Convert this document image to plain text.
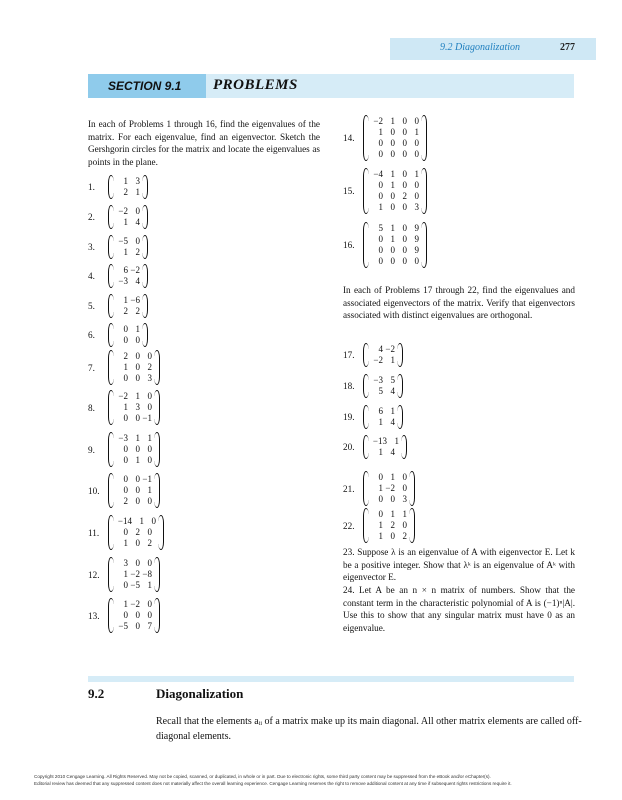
9.2 Diagonalization	277
SECTION 9.1 PROBLEMS
In each of Problems 1 through 16, find the eigenvalues of the matrix. For each eigenvalue, find an eigenvector. Sketch the Gershgorin circles for the matrix and locate the eigenvalues as points in the plane.
In each of Problems 17 through 22, find the eigenvalues and associated eigenvectors of the matrix. Verify that eigenvectors associated with distinct eigenvalues are orthogonal.
1.
1 3
2 1
2.
−2 0
1 4
3.
−5 0
1 2
4.
6 −2
−3 4
5.
1 −6
2 2
6.
0 1
0 0
7.
2 0 0
1 0 2
0 0 3
8.
−2 1 0
1 3 0
0 0 −1
9.
−3 1 1
0 0 0
0 1 0
10.
0 0 −1
0 0 1
2 0 0
11.
−14 1 0
0 2 0
1 0 2
12.
3 0 0
1 −2 −8
0 −5 1
13.
1 −2 0
0 0 0
−5 0 7
14.
−2 1 0 0
1 0 0 1
0 0 0 0
0 0 0 0
15.
−4 1 0 1
0 1 0 0
0 0 2 0
1 0 0 3
16.
5 1 0 9
0 1 0 9
0 0 0 9
0 0 0 0
17.
4 −2
−2 1
18.
−3 5
5 4
19.
6 1
1 4
20.
−13 1
1 4
21.
0 1 0
1 −2 0
0 0 3
22.
0 1 1
1 2 0
1 0 2
23. Suppose λ is an eigenvalue of A with eigenvector E. Let k be a positive integer. Show that λᵏ is an eigenvalue of Aᵏ with eigenvector E.
24. Let A be an n × n matrix of numbers. Show that the constant term in the characteristic polynomial of A is (−1)ⁿ|A|. Use this to show that any singular matrix must have 0 as an eigenvalue.
9.2	Diagonalization
Recall that the elements aᵢᵢ of a matrix make up its main diagonal. All other matrix elements are called off-diagonal elements.
Copyright 2010 Cengage Learning. All Rights Reserved. May not be copied, scanned, or duplicated, in whole or in part. Due to electronic rights, some third party content may be suppressed from the eBook and/or eChapter(s).
Editorial review has deemed that any suppressed content does not materially affect the overall learning experience. Cengage Learning reserves the right to remove additional content at any time if subsequent rights restrictions require it.
